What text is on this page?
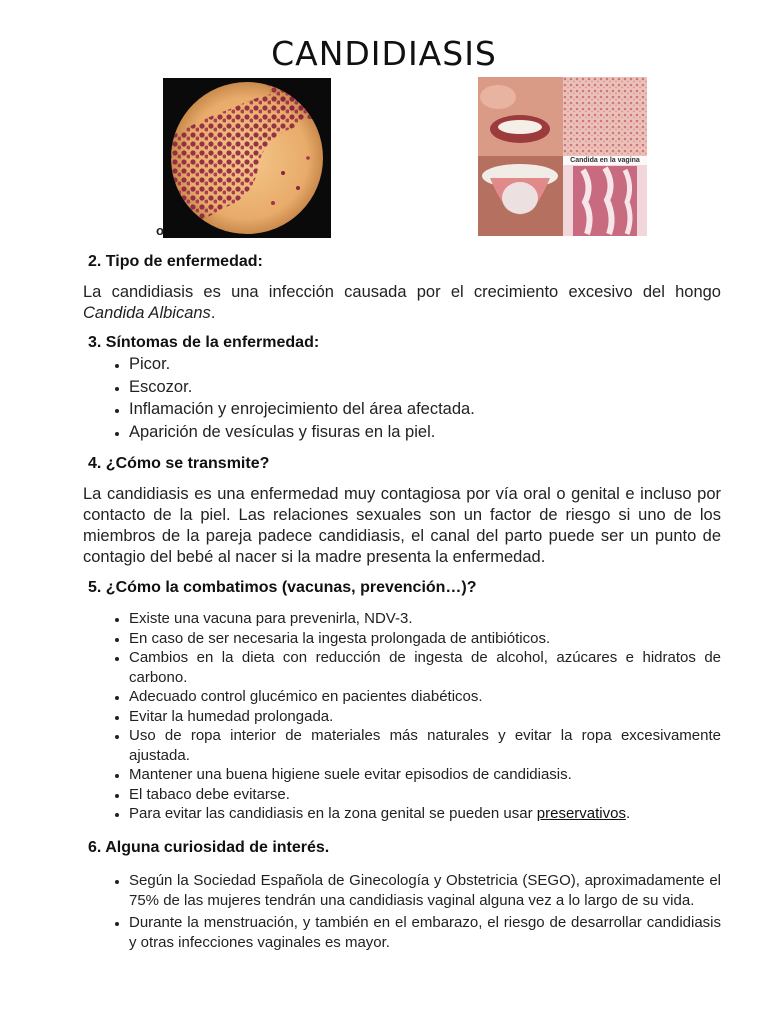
CANDIDIASIS
o
Candida en la vagina
2. Tipo de enfermedad:
La candidiasis es una infección causada por el crecimiento excesivo del hongo Candida Albicans.
3. Síntomas de la enfermedad:
• Picor.
• Escozor.
• Inflamación y enrojecimiento del área afectada.
• Aparición de vesículas y fisuras en la piel.
4. ¿Cómo se transmite?
La candidiasis es una enfermedad muy contagiosa por vía oral o genital e incluso por contacto de la piel. Las relaciones sexuales son un factor de riesgo si uno de los miembros de la pareja padece candidiasis, el canal del parto puede ser un punto de contagio del bebé al nacer si la madre presenta la enfermedad.
5. ¿Cómo la combatimos (vacunas, prevención…)?
• Existe una vacuna para prevenirla, NDV-3.
• En caso de ser necesaria la ingesta prolongada de antibióticos.
• Cambios en la dieta con reducción de ingesta de alcohol, azúcares e hidratos de carbono.
• Adecuado control glucémico en pacientes diabéticos.
• Evitar la humedad prolongada.
• Uso de ropa interior de materiales más naturales y evitar la ropa excesivamente ajustada.
• Mantener una buena higiene suele evitar episodios de candidiasis.
• El tabaco debe evitarse.
• Para evitar las candidiasis en la zona genital se pueden usar preservativos.
6. Alguna curiosidad de interés.
• Según la Sociedad Española de Ginecología y Obstetricia (SEGO), aproximadamente el 75% de las mujeres tendrán una candidiasis vaginal alguna vez a lo largo de su vida.
• Durante la menstruación, y también en el embarazo, el riesgo de desarrollar candidiasis y otras infecciones vaginales es mayor.
